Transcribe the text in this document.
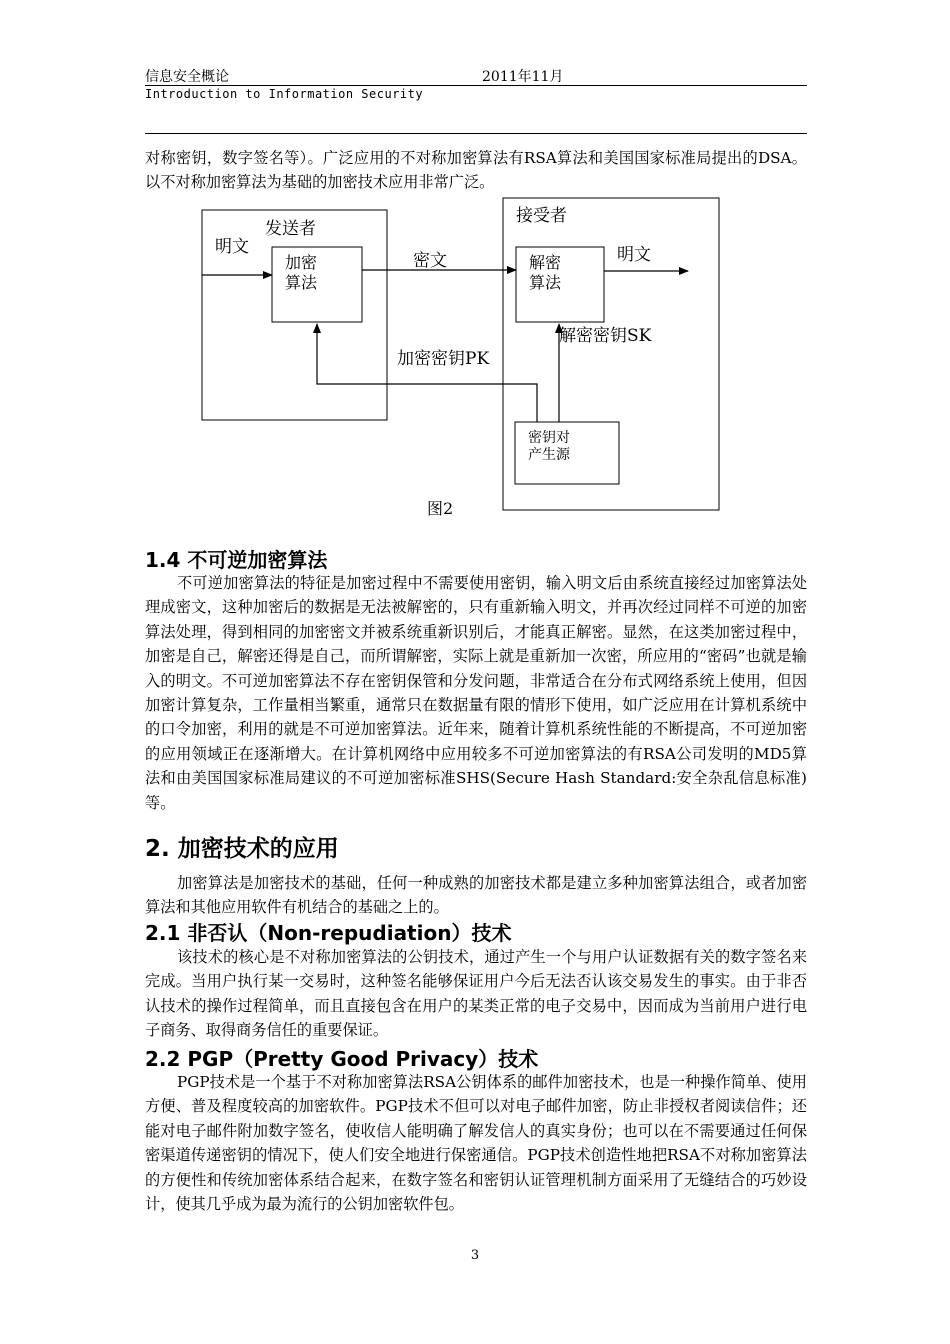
信息安全概论	2011年11月
Introduction to Information Security

对称密钥，数字签名等）。广泛应用的不对称加密算法有RSA算法和美国国家标准局提出的DSA。以不对称加密算法为基础的加密技术应用非常广泛。

发送者
明文
加密
算法
密文
接受者
解密
算法
明文
解密密钥SK
密钥对
产生源
加密密钥PK
图2
1.4 不可逆加密算法

不可逆加密算法的特征是加密过程中不需要使用密钥，输入明文后由系统直接经过加密算法处理成密文，这种加密后的数据是无法被解密的，只有重新输入明文，并再次经过同样不可逆的加密算法处理，得到相同的加密密文并被系统重新识别后，才能真正解密。显然，在这类加密过程中，加密是自己，解密还得是自己，而所谓解密，实际上就是重新加一次密，所应用的“密码”也就是输入的明文。不可逆加密算法不存在密钥保管和分发问题，非常适合在分布式网络系统上使用，但因加密计算复杂，工作量相当繁重，通常只在数据量有限的情形下使用，如广泛应用在计算机系统中的口令加密，利用的就是不可逆加密算法。近年来，随着计算机系统性能的不断提高，不可逆加密的应用领域正在逐渐增大。在计算机网络中应用较多不可逆加密算法的有RSA公司发明的MD5算法和由美国国家标准局建议的不可逆加密标准SHS(Secure Hash Standard:安全杂乱信息标准)等。

2. 加密技术的应用

加密算法是加密技术的基础，任何一种成熟的加密技术都是建立多种加密算法组合，或者加密算法和其他应用软件有机结合的基础之上的。

2.1 非否认（Non-repudiation）技术

该技术的核心是不对称加密算法的公钥技术，通过产生一个与用户认证数据有关的数字签名来完成。当用户执行某一交易时，这种签名能够保证用户今后无法否认该交易发生的事实。由于非否认技术的操作过程简单，而且直接包含在用户的某类正常的电子交易中，因而成为当前用户进行电子商务、取得商务信任的重要保证。

2.2 PGP（Pretty Good Privacy）技术

PGP技术是一个基于不对称加密算法RSA公钥体系的邮件加密技术，也是一种操作简单、使用方便、普及程度较高的加密软件。PGP技术不但可以对电子邮件加密，防止非授权者阅读信件；还能对电子邮件附加数字签名，使收信人能明确了解发信人的真实身份；也可以在不需要通过任何保密渠道传递密钥的情况下，使人们安全地进行保密通信。PGP技术创造性地把RSA不对称加密算法的方便性和传统加密体系结合起来，在数字签名和密钥认证管理机制方面采用了无缝结合的巧妙设计，使其几乎成为最为流行的公钥加密软件包。

3
